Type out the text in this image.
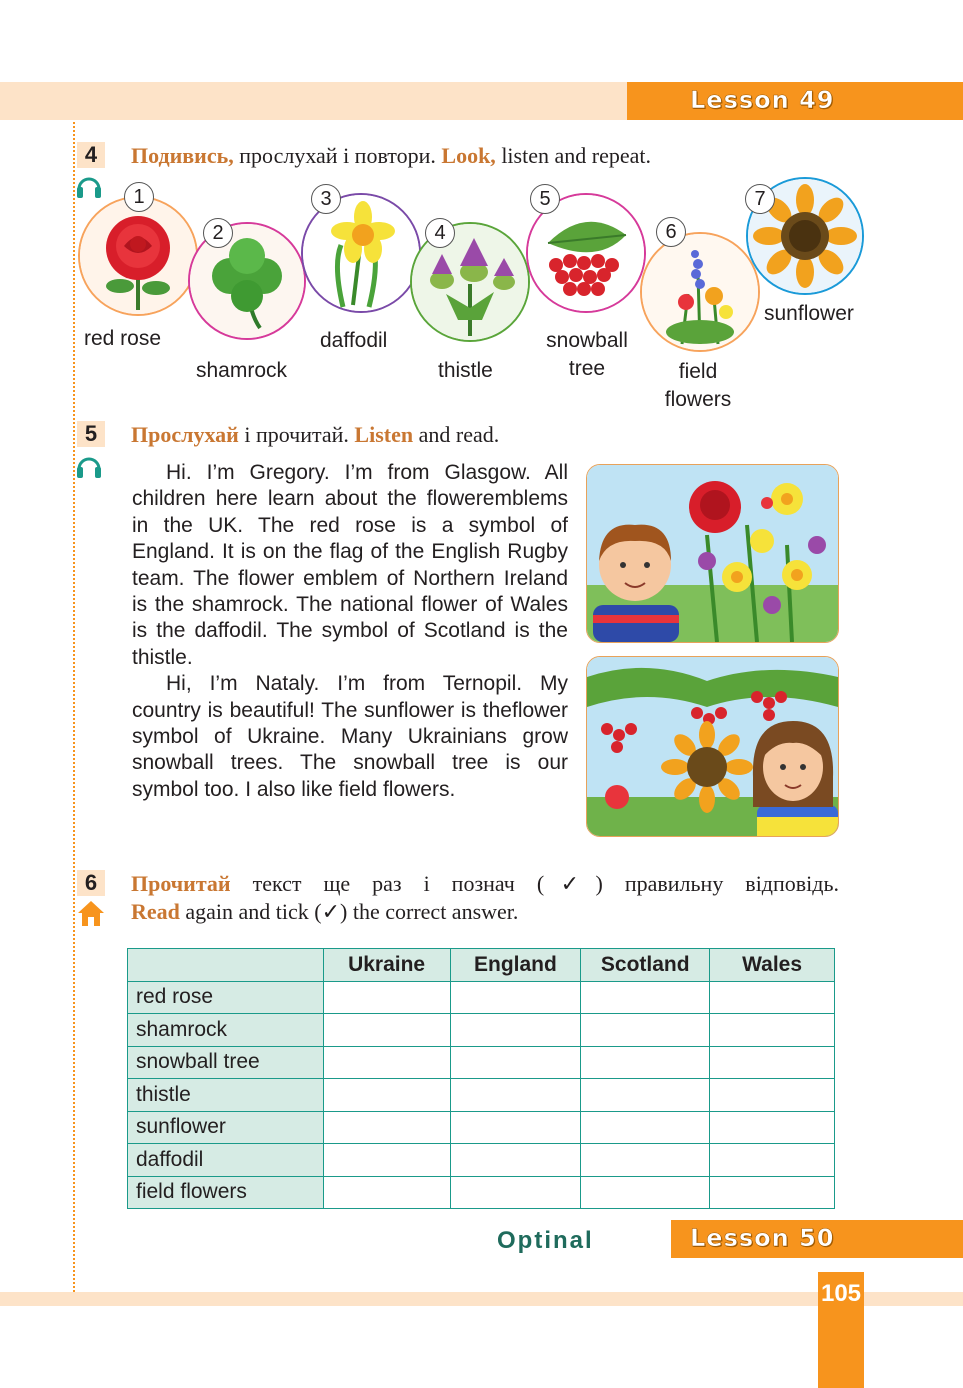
Lesson 49
4	Подивись, прослухай і повтори. Look, listen and repeat.
1
red rose
2
shamrock
3
daffodil
4
thistle
5
snowball
tree
6
field
flowers
7
sunflower
5	Прослухай і прочитай. Listen and read.

Hi. I’m Gregory. I’m from Glasgow. All children here learn about the floweremblems in the UK. The red rose is a symbol of England. It is on the flag of the English Rugby team. The flower emblem of Northern Ireland is the shamrock. The national flower of Wales is the daffodil. The symbol of Scotland is the thistle.

Hi, I’m Nataly. I’m from Ternopil. My country is beautiful! The sunflower is theflower symbol of Ukraine. Many Ukrainians grow snowball trees. The snowball tree is our symbol too. I also like field flowers.

6	Прочитай текст ще раз і познач (✓) правильну відповідь.
Read again and tick (✓) the correct answer.
	Ukraine	England	Scotland	Wales
red rose				
shamrock				
snowball tree				
thistle				
sunflower				
daffodil				
field flowers				
Optinal	Lesson 50
105
